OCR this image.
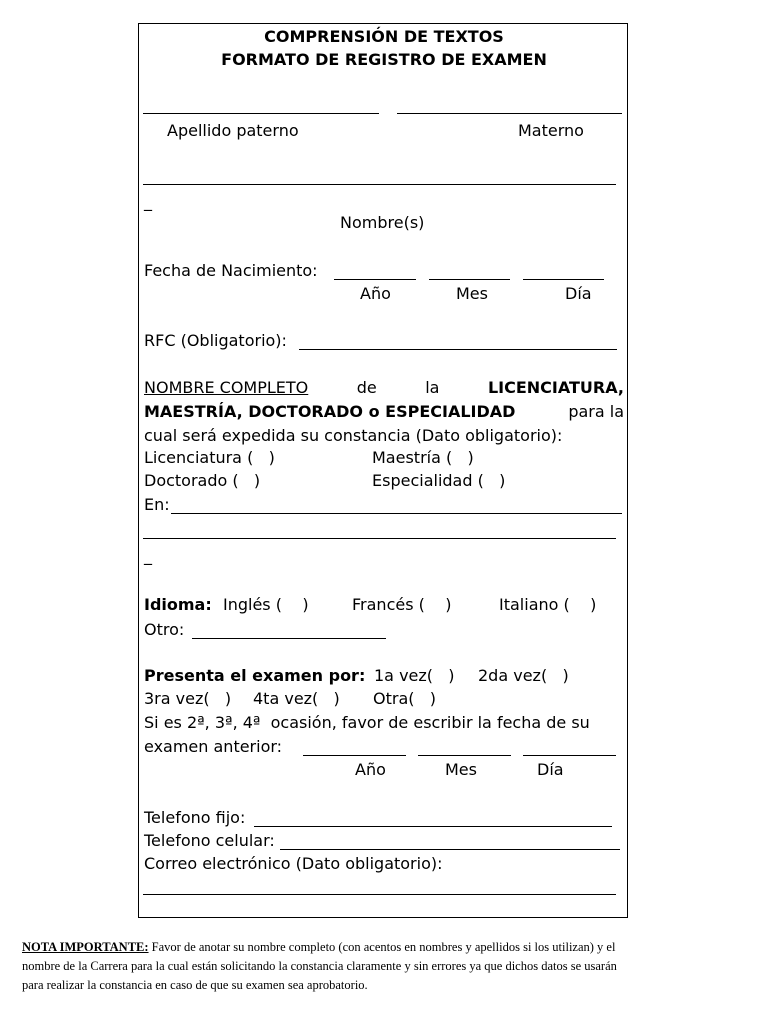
COMPRENSIÓN DE TEXTOS
FORMATO DE REGISTRO DE EXAMEN
Apellido paterno	Materno
_
Nombre(s)
Fecha de Nacimiento:
Año	Mes	Día
RFC (Obligatorio):
NOMBRE COMPLETO	de	la	LICENCIATURA,
MAESTRÍA, DOCTORADO o ESPECIALIDAD	para la
cual será expedida su constancia (Dato obligatorio):
Licenciatura (   )	Maestría (   )
Doctorado (   )	Especialidad (   )
En:
_
Idioma: Inglés (    )	Francés (    )	Italiano (    )
Otro:
Presenta el examen por: 1a vez(   ) 2da vez(   )
3ra vez(   ) 4ta vez(   ) Otra(   )
Si es 2ª, 3ª, 4ª  ocasión, favor de escribir la fecha de su
examen anterior:
Año	Mes	Día
Telefono fijo:
Telefono celular:
Correo electrónico (Dato obligatorio):
NOTA IMPORTANTE: Favor de anotar su nombre completo (con acentos en nombres y apellidos si los utilizan) y el
nombre de la Carrera para la cual están solicitando la constancia claramente y sin errores ya que dichos datos se usarán
para realizar la constancia en caso de que su examen sea aprobatorio.
